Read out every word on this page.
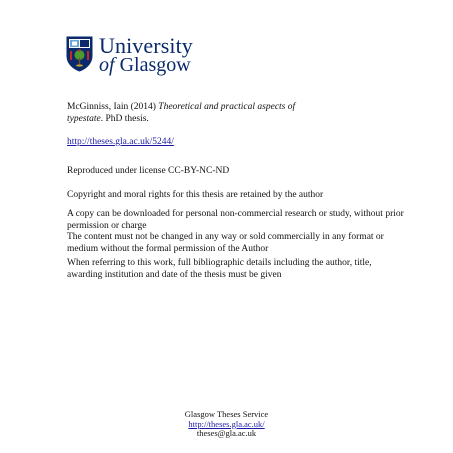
University
of Glasgow
McGinniss, Iain (2014) Theoretical and practical aspects of
typestate. PhD thesis.
http://theses.gla.ac.uk/5244/
Reproduced under license CC-BY-NC-ND
Copyright and moral rights for this thesis are retained by the author
A copy can be downloaded for personal non-commercial research or study, without prior permission or charge
The content must not be changed in any way or sold commercially in any format or medium without the formal permission of the Author
When referring to this work, full bibliographic details including the author, title, awarding institution and date of the thesis must be given
Glasgow Theses Service
http://theses.gla.ac.uk/
theses@gla.ac.uk
